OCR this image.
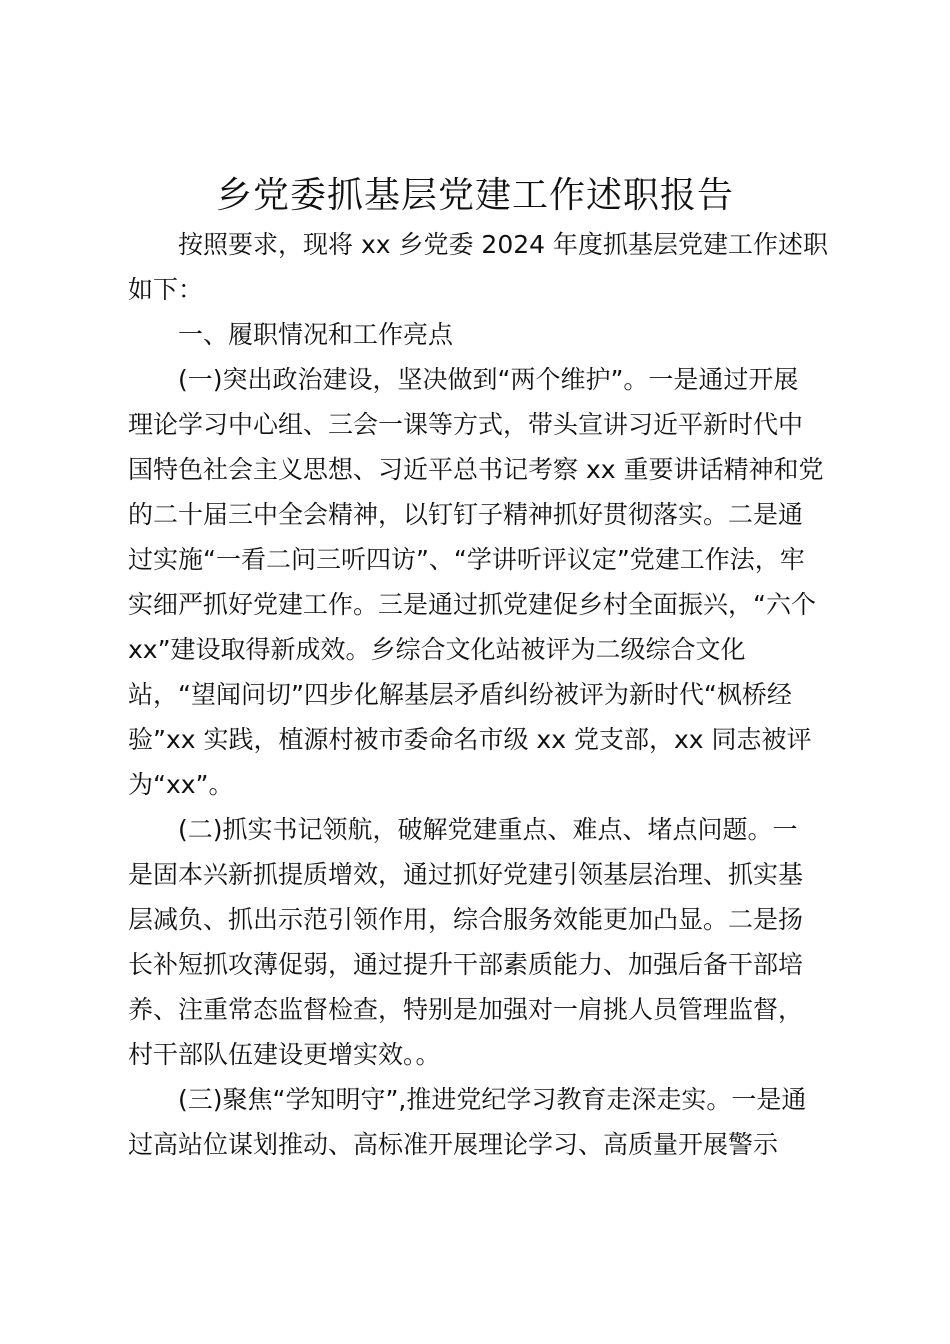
乡党委抓基层党建工作述职报告

按照要求，现将 xx 乡党委 2024 年度抓基层党建工作述职

如下：

一、履职情况和工作亮点

(一)突出政治建设，坚决做到“两个维护”。一是通过开展

理论学习中心组、三会一课等方式，带头宣讲习近平新时代中

国特色社会主义思想、习近平总书记考察 xx 重要讲话精神和党

的二十届三中全会精神，以钉钉子精神抓好贯彻落实。二是通

过实施“一看二问三听四访”、“学讲听评议定”党建工作法，牢

实细严抓好党建工作。三是通过抓党建促乡村全面振兴，“六个

xx”建设取得新成效。乡综合文化站被评为二级综合文化

站，“望闻问切”四步化解基层矛盾纠纷被评为新时代“枫桥经

验”xx 实践，植源村被市委命名市级 xx 党支部，xx 同志被评

为“xx”。

(二)抓实书记领航，破解党建重点、难点、堵点问题。一

是固本兴新抓提质增效，通过抓好党建引领基层治理、抓实基

层减负、抓出示范引领作用，综合服务效能更加凸显。二是扬

长补短抓攻薄促弱，通过提升干部素质能力、加强后备干部培

养、注重常态监督检查，特别是加强对一肩挑人员管理监督，

村干部队伍建设更增实效。。

(三)聚焦“学知明守”,推进党纪学习教育走深走实。一是通

过高站位谋划推动、高标准开展理论学习、高质量开展警示
